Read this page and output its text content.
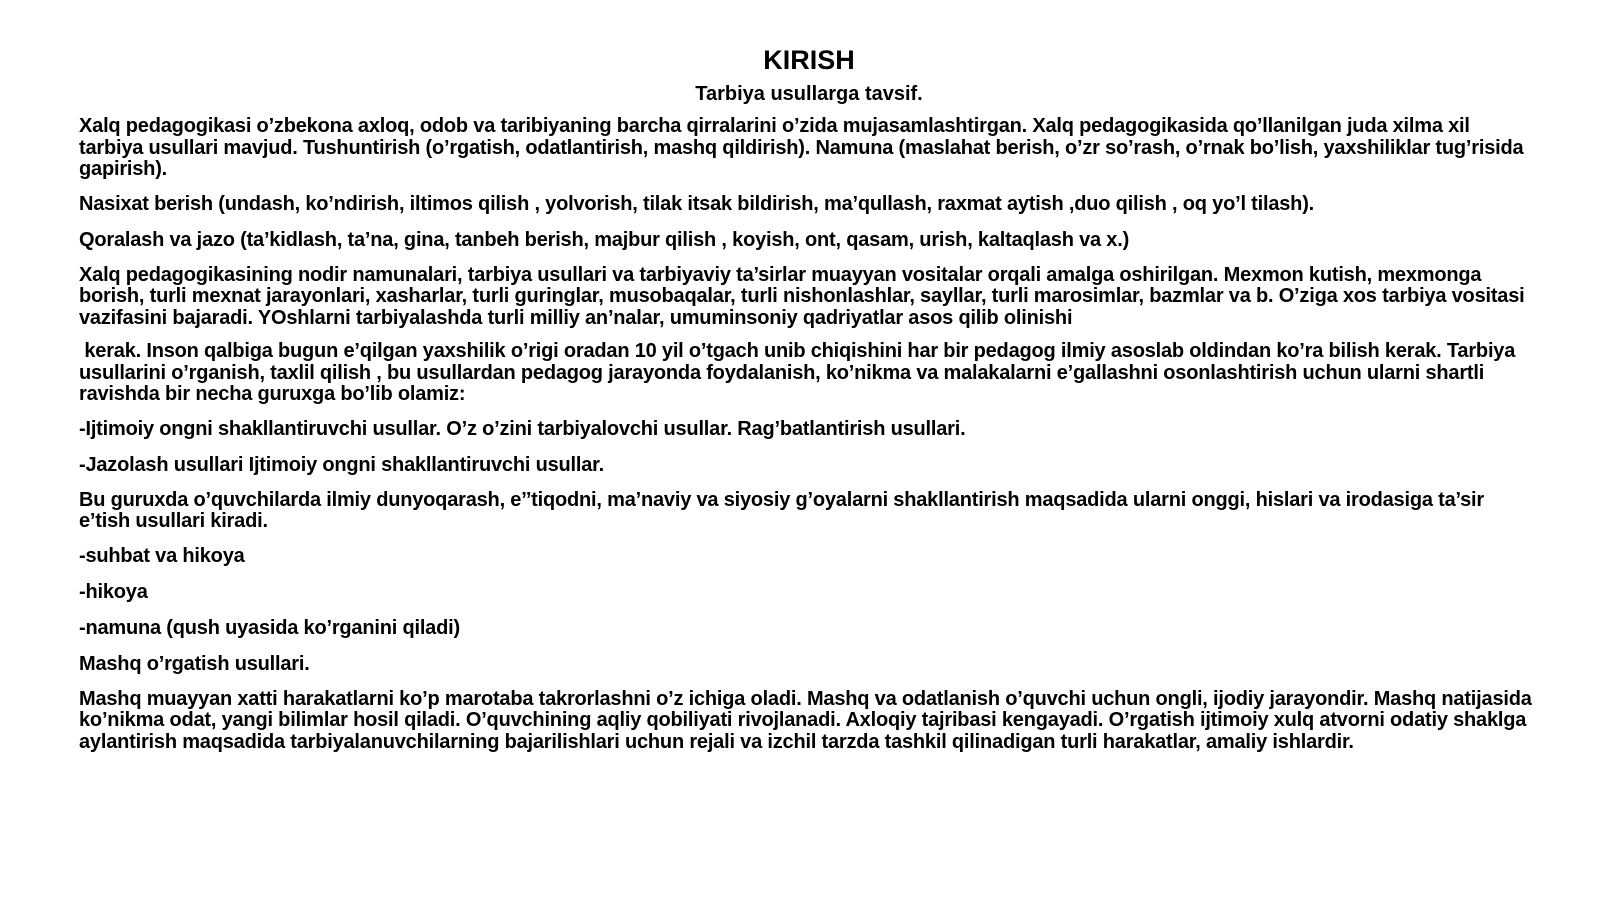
KIRISH
Tarbiya usullarga tavsif.

Xalq pedagogikasi o’zbekona axloq, odob va taribiyaning barcha qirralarini o’zida mujasamlashtirgan. Xalq pedagogikasida qo’llanilgan juda xilma xil tarbiya usullari mavjud. Tushuntirish (o’rgatish, odatlantirish, mashq qildirish). Namuna (maslahat berish, o’zr so’rash, o’rnak bo’lish, yaxshiliklar tug’risida gapirish).

Nasixat berish (undash, ko’ndirish, iltimos qilish , yolvorish, tilak itsak bildirish, ma’qullash, raxmat aytish ,duo qilish , oq yo’l tilash).

Qoralash va jazo (ta’kidlash, ta’na, gina, tanbeh berish, majbur qilish , koyish, ont, qasam, urish, kaltaqlash va x.)

Xalq pedagogikasining nodir namunalari, tarbiya usullari va tarbiyaviy ta’sirlar muayyan vositalar orqali amalga oshirilgan. Mexmon kutish, mexmonga borish, turli mexnat jarayonlari, xasharlar, turli guringlar, musobaqalar, turli nishonlashlar, sayllar, turli marosimlar, bazmlar va b. O’ziga xos tarbiya vositasi vazifasini bajaradi. YOshlarni tarbiyalashda turli milliy an’nalar, umuminsoniy qadriyatlar asos qilib olinishi

kerak. Inson qalbiga bugun e’qilgan yaxshilik o’rigi oradan 10 yil o’tgach unib chiqishini har bir pedagog ilmiy asoslab oldindan ko’ra bilish kerak. Tarbiya usullarini o’rganish, taxlil qilish , bu usullardan pedagog jarayonda foydalanish, ko’nikma va malakalarni e’gallashni osonlashtirish uchun ularni shartli ravishda bir necha guruxga bo’lib olamiz:

-Ijtimoiy ongni shakllantiruvchi usullar. O’z o’zini tarbiyalovchi usullar. Rag’batlantirish usullari.

-Jazolash usullari Ijtimoiy ongni shakllantiruvchi usullar.

Bu guruxda o’quvchilarda ilmiy dunyoqarash, e’’tiqodni, ma’naviy va siyosiy g’oyalarni shakllantirish maqsadida ularni onggi, hislari va irodasiga ta’sir e’tish usullari kiradi.

-suhbat va hikoya

-hikoya

-namuna (qush uyasida ko’rganini qiladi)

Mashq o’rgatish usullari.

Mashq muayyan xatti harakatlarni ko’p marotaba takrorlashni o’z ichiga oladi. Mashq va odatlanish o’quvchi uchun ongli, ijodiy jarayondir. Mashq natijasida ko’nikma odat, yangi bilimlar hosil qiladi. O’quvchining aqliy qobiliyati rivojlanadi. Axloqiy tajribasi kengayadi. O’rgatish ijtimoiy xulq atvorni odatiy shaklga aylantirish maqsadida tarbiyalanuvchilarning bajarilishlari uchun rejali va izchil tarzda tashkil qilinadigan turli harakatlar, amaliy ishlardir.
